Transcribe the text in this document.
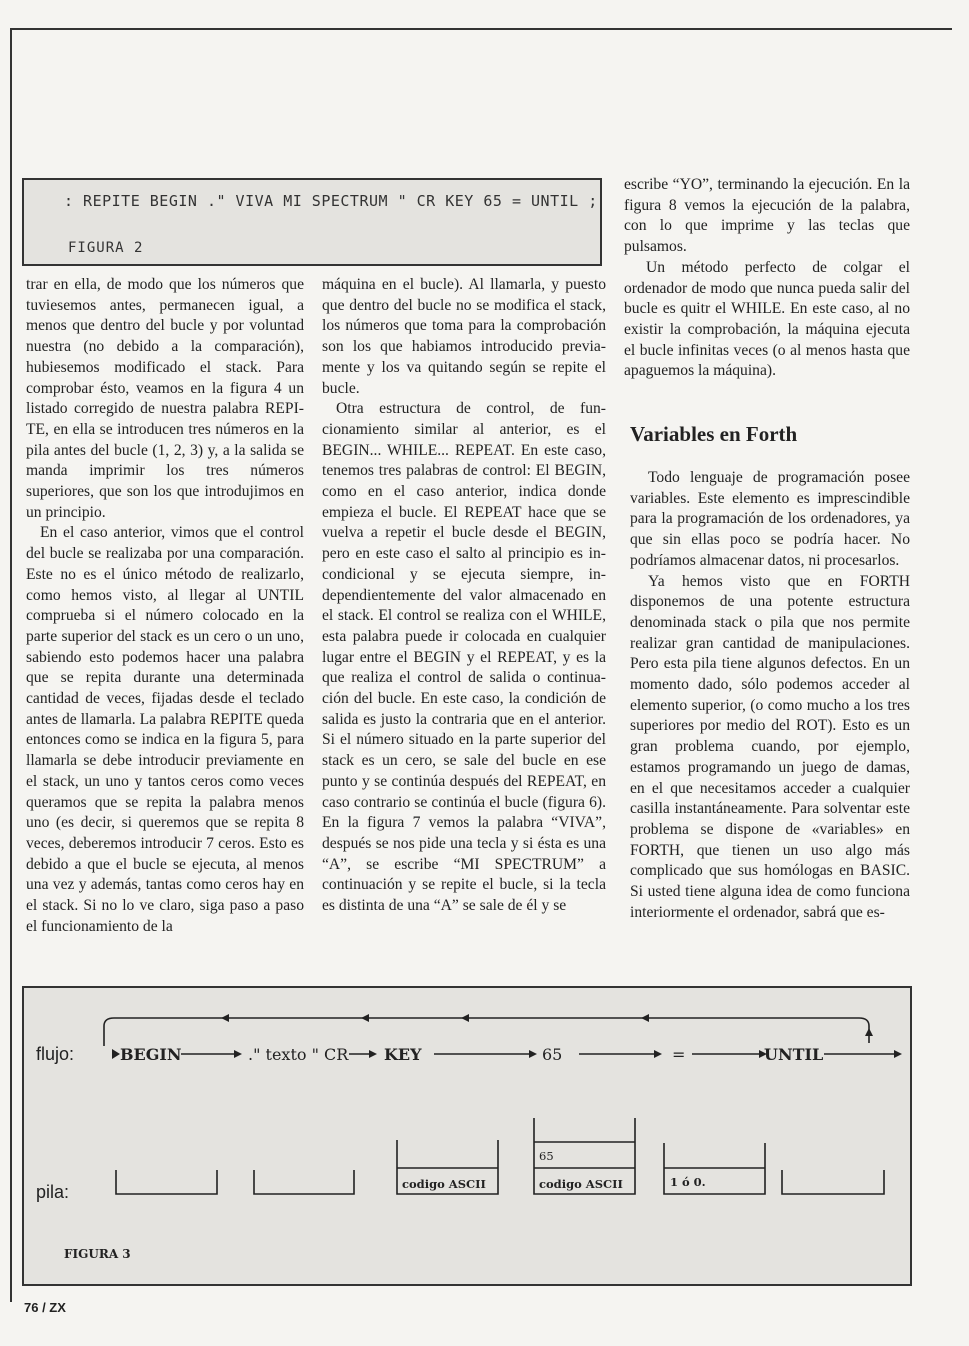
: REPITE BEGIN ." VIVA MI SPECTRUM " CR KEY 65 = UNTIL ;
FIGURA 2

trar en ella, de modo que los números que tuviesemos antes, permanecen igual, a menos que dentro del bucle y por voluntad nuestra (no debido a la comparación), hubiesemos modificado el stack. Para comprobar ésto, veamos en la figura 4 un listado corregido de nuestra palabra REPITE, en ella se introducen tres números en la pila antes del bucle (1, 2, 3) y, a la salida se manda imprimir los tres números superiores, que son los que introdujimos en un principio.

En el caso anterior, vimos que el control del bucle se realizaba por una comparación. Este no es el único método de realizarlo, como hemos visto, al llegar al UNTIL comprueba si el número colocado en la parte superior del stack es un cero o un uno, sabiendo esto podemos hacer una palabra que se repita durante una determinada cantidad de veces, fijadas desde el teclado antes de llamarla. La palabra REPITE queda entonces como se indica en la figura 5, para llamarla se debe introducir previamente en el stack, un uno y tantos ceros como veces queramos que se repita la palabra menos uno (es decir, si queremos que se repita 8 veces, deberemos introducir 7 ceros. Esto es debido a que el bucle se ejecuta, al menos una vez y además, tantas como ceros hay en el stack. Si no lo ve claro, siga paso a paso el funcionamiento de la

máquina en el bucle). Al llamarla, y puesto que dentro del bucle no se modifica el stack, los números que toma para la comprobación son los que habiamos introducido previamente y los va quitando según se repite el bucle.

Otra estructura de control, de funcionamiento similar al anterior, es el BEGIN... WHILE... REPEAT. En este caso, tenemos tres palabras de control: El BEGIN, como en el caso anterior, indica donde empieza el bucle. El REPEAT hace que se vuelva a repetir el bucle desde el BEGIN, pero en este caso el salto al principio es incondicional y se ejecuta siempre, independientemente del valor almacenado en el stack. El control se realiza con el WHILE, esta palabra puede ir colocada en cualquier lugar entre el BEGIN y el REPEAT, y es la que realiza el control de salida o continuación del bucle. En este caso, la condición de salida es justo la contraria que en el anterior. Si el número situado en la parte superior del stack es un cero, se sale del bucle en ese punto y se continúa después del REPEAT, en caso contrario se continúa el bucle (figura 6). En la figura 7 vemos la palabra “VIVA”, después se nos pide una tecla y si ésta es una “A”, se escribe “MI SPECTRUM” a continuación y se repite el bucle, si la tecla es distinta de una “A” se sale de él y se

escribe “YO”, terminando la ejecución. En la figura 8 vemos la ejecución de la palabra, con lo que imprime y las teclas que pulsamos.

Un método perfecto de colgar el ordenador de modo que nunca pueda salir del bucle es quitr el WHILE. En este caso, al no existir la comprobación, la máquina ejecuta el bucle infinitas veces (o al menos hasta que apaguemos la máquina).

Variables en Forth

Todo lenguaje de programación posee variables. Este elemento es imprescindible para la programación de los ordenadores, ya que sin ellas poco se podría hacer. No podríamos almacenar datos, ni procesarlos.

Ya hemos visto que en FORTH disponemos de una potente estructura denominada stack o pila que nos permite realizar gran cantidad de manipulaciones. Pero esta pila tiene algunos defectos. En un momento dado, sólo podemos acceder al elemento superior, (o como mucho a los tres superiores por medio del ROT). Esto es un gran problema cuando, por ejemplo, estamos programando un juego de damas, en el que necesitamos acceder a cualquier casilla instantáneamente. Para solventar este problema se dispone de «variables» en FORTH, que tienen un uso algo más complicado que sus homólogas en BASIC. Si usted tiene alguna idea de como funciona interiormente el ordenador, sabrá que es-

flujo:
pila:
BEGIN	." texto " CR KEY	65	=	UNTIL
codigo ASCII
65
codigo ASCII	1 ó 0.
FIGURA 3
76 / ZX
